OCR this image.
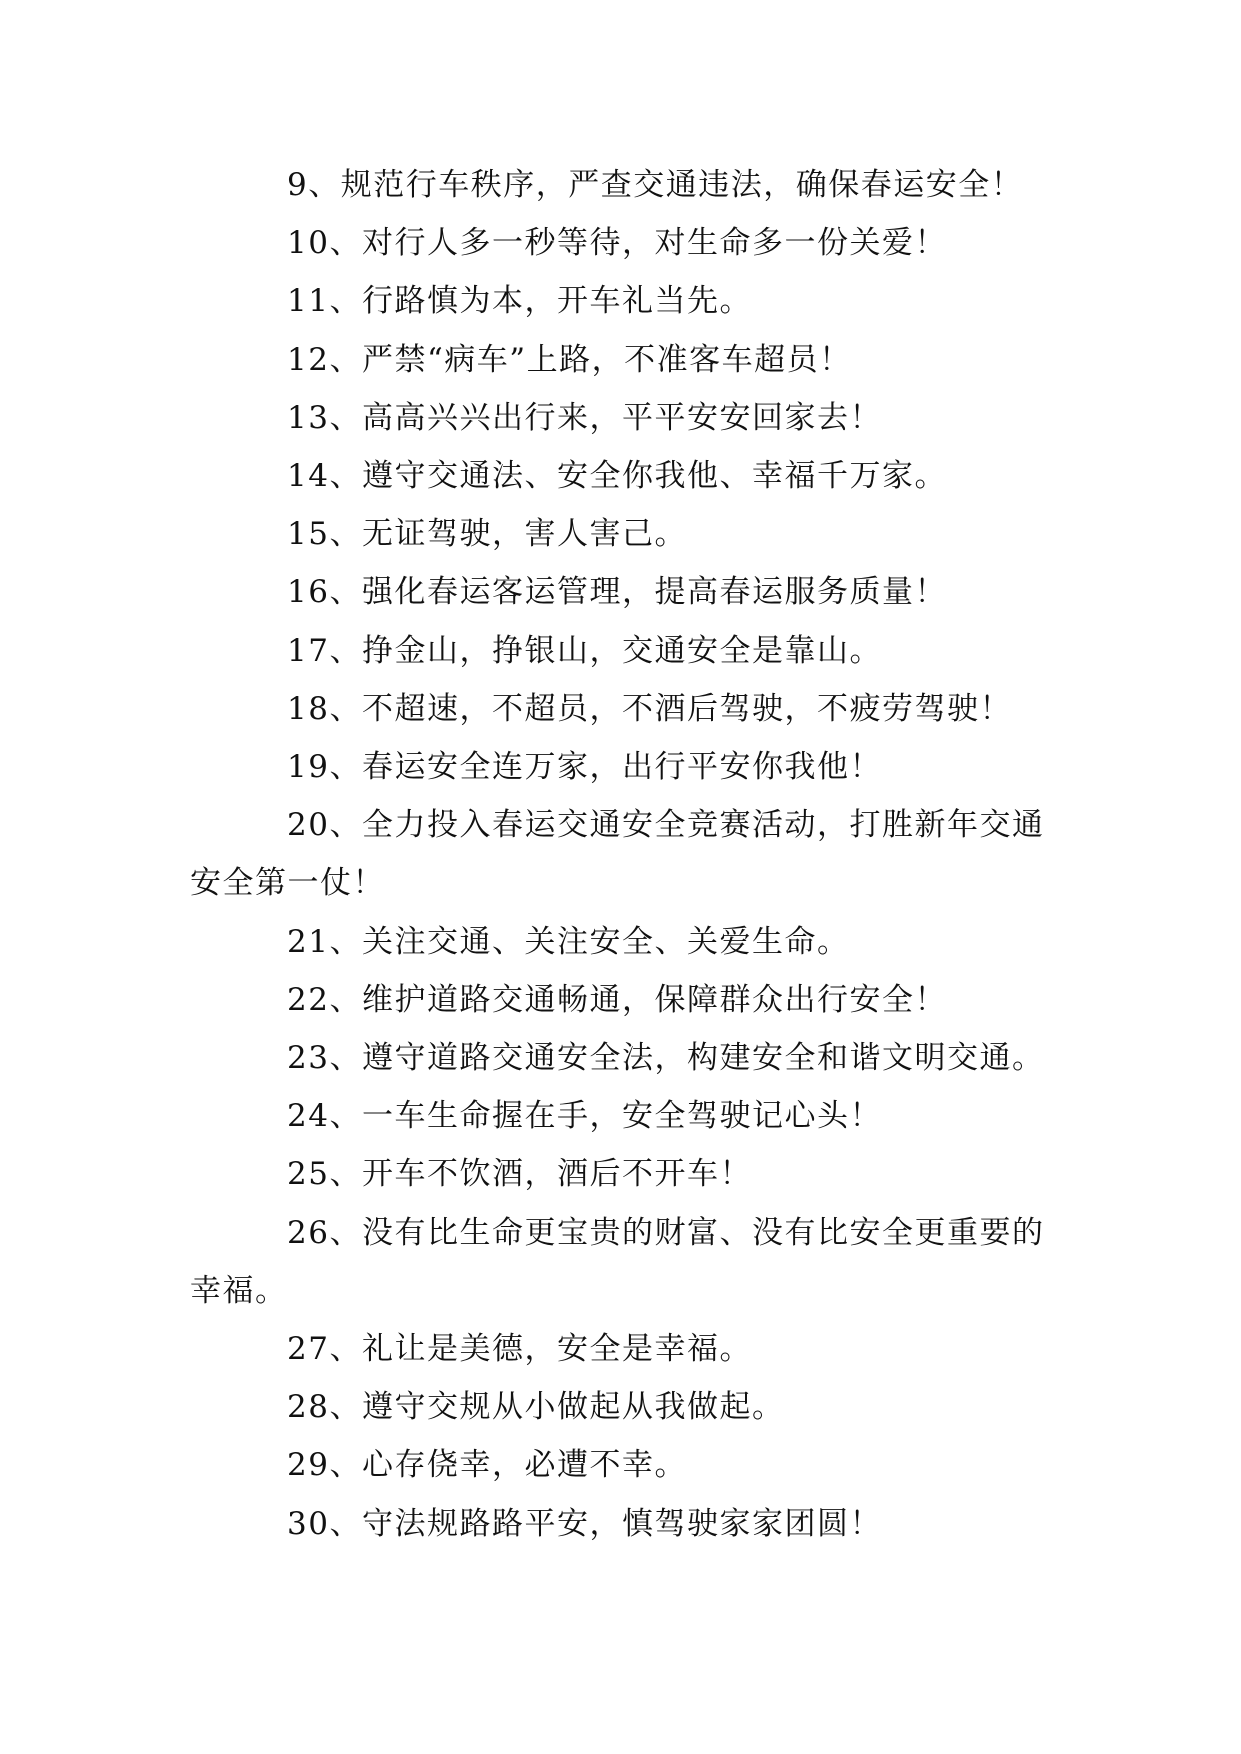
9、规范行车秩序，严查交通违法，确保春运安全！

10、对行人多一秒等待，对生命多一份关爱！

11、行路慎为本，开车礼当先。

12、严禁“病车”上路，不准客车超员！

13、高高兴兴出行来，平平安安回家去！

14、遵守交通法、安全你我他、幸福千万家。

15、无证驾驶，害人害己。

16、强化春运客运管理，提高春运服务质量！

17、挣金山，挣银山，交通安全是靠山。

18、不超速，不超员，不酒后驾驶，不疲劳驾驶！

19、春运安全连万家，出行平安你我他！

20、全力投入春运交通安全竞赛活动，打胜新年交通安全第一仗！

21、关注交通、关注安全、关爱生命。

22、维护道路交通畅通，保障群众出行安全！

23、遵守道路交通安全法，构建安全和谐文明交通。

24、一车生命握在手，安全驾驶记心头！

25、开车不饮酒，酒后不开车！

26、没有比生命更宝贵的财富、没有比安全更重要的幸福。

27、礼让是美德，安全是幸福。

28、遵守交规从小做起从我做起。

29、心存侥幸，必遭不幸。

30、守法规路路平安，慎驾驶家家团圆！
